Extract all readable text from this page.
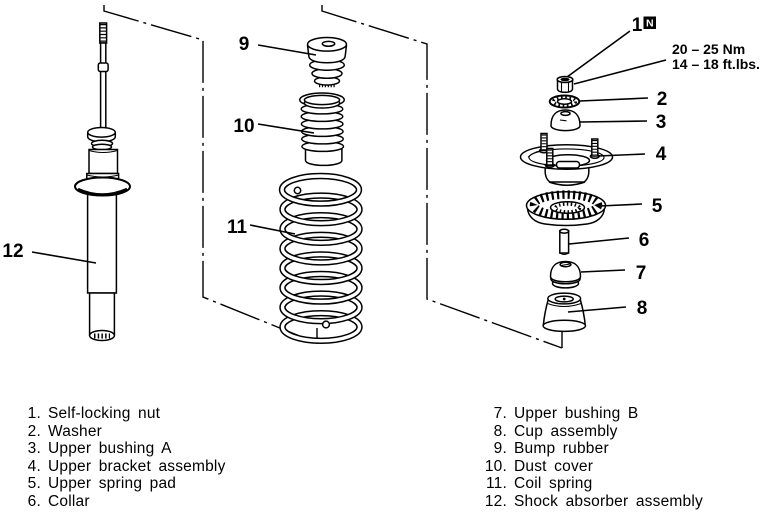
1 N
2
3
4
5
6
7
8
9
10
11
12
20 – 25 Nm
14 – 18 ft.lbs.
1. Self-locking nut
2. Washer
3. Upper bushing A
4. Upper bracket assembly
5. Upper spring pad
6. Collar
7. Upper bushing B
8. Cup assembly
9. Bump rubber
10. Dust cover
11. Coil spring
12. Shock absorber assembly
